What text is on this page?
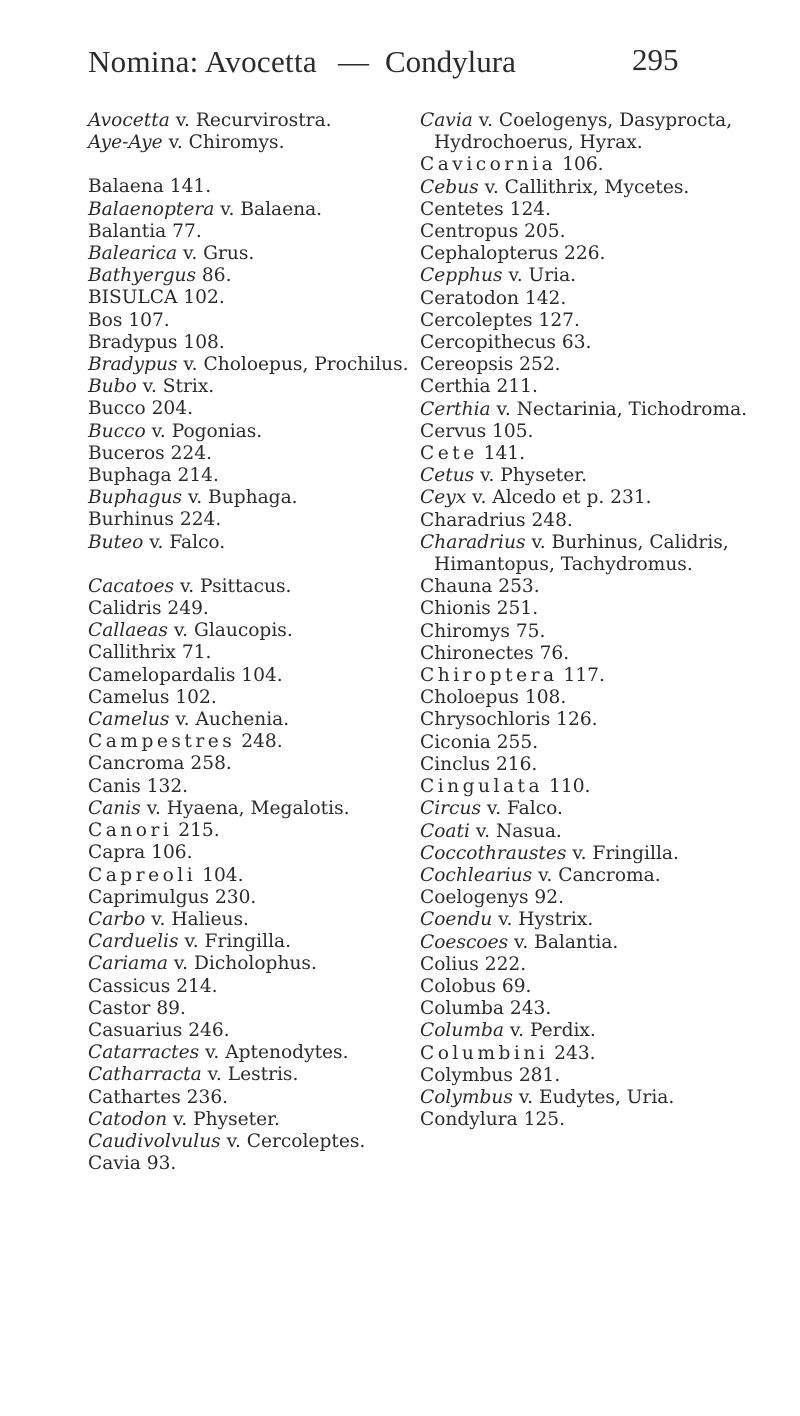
Nomina: Avocetta — Condylura	295
Avocetta v. Recurvirostra.
Aye-Aye v. Chiromys.
Balaena 141.
Balaenoptera v. Balaena.
Balantia 77.
Balearica v. Grus.
Bathyergus 86.
BISULCA 102.
Bos 107.
Bradypus 108.
Bradypus v. Choloepus, Prochilus.
Bubo v. Strix.
Bucco 204.
Bucco v. Pogonias.
Buceros 224.
Buphaga 214.
Buphagus v. Buphaga.
Burhinus 224.
Buteo v. Falco.
Cacatoes v. Psittacus.
Calidris 249.
Callaeas v. Glaucopis.
Callithrix 71.
Camelopardalis 104.
Camelus 102.
Camelus v. Auchenia.
Campestres 248.
Cancroma 258.
Canis 132.
Canis v. Hyaena, Megalotis.
Canori 215.
Capra 106.
Capreoli 104.
Caprimulgus 230.
Carbo v. Halieus.
Carduelis v. Fringilla.
Cariama v. Dicholophus.
Cassicus 214.
Castor 89.
Casuarius 246.
Catarractes v. Aptenodytes.
Catharracta v. Lestris.
Cathartes 236.
Catodon v. Physeter.
Caudivolvulus v. Cercoleptes.
Cavia 93.
Cavia v. Coelogenys, Dasyprocta, Hydrochoerus, Hyrax.
Cavicornia 106.
Cebus v. Callithrix, Mycetes.
Centetes 124.
Centropus 205.
Cephalopterus 226.
Cepphus v. Uria.
Ceratodon 142.
Cercoleptes 127.
Cercopithecus 63.
Cereopsis 252.
Certhia 211.
Certhia v. Nectarinia, Tichodroma.
Cervus 105.
Cete 141.
Cetus v. Physeter.
Ceyx v. Alcedo et p. 231.
Charadrius 248.
Charadrius v. Burhinus, Calidris, Himantopus, Tachydromus.
Chauna 253.
Chionis 251.
Chiromys 75.
Chironectes 76.
Chiroptera 117.
Choloepus 108.
Chrysochloris 126.
Ciconia 255.
Cinclus 216.
Cingulata 110.
Circus v. Falco.
Coati v. Nasua.
Coccothraustes v. Fringilla.
Cochlearius v. Cancroma.
Coelogenys 92.
Coendu v. Hystrix.
Coescoes v. Balantia.
Colius 222.
Colobus 69.
Columba 243.
Columba v. Perdix.
Columbini 243.
Colymbus 281.
Colymbus v. Eudytes, Uria.
Condylura 125.
